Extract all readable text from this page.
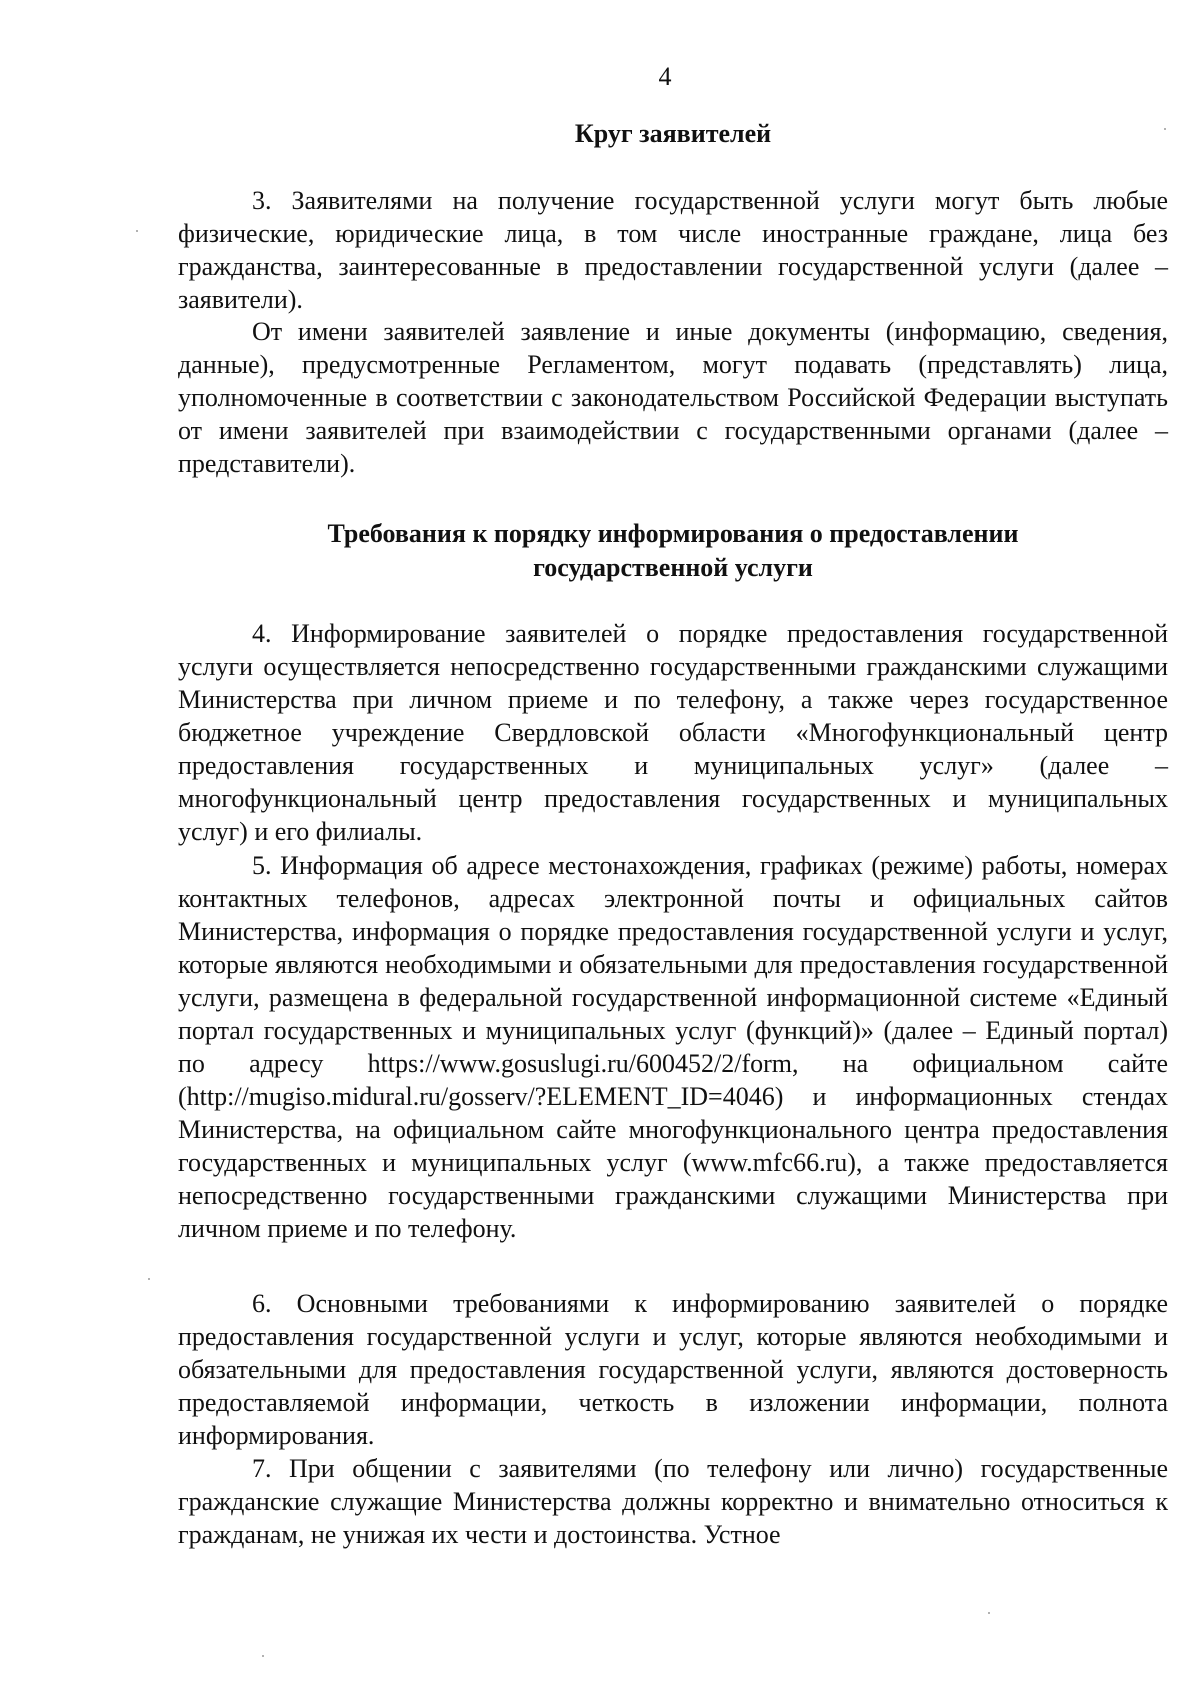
4
Круг заявителей

3. Заявителями на получение государственной услуги могут быть любые физические, юридические лица, в том числе иностранные граждане, лица без гражданства, заинтересованные в предоставлении государственной услуги (далее – заявители).

От имени заявителей заявление и иные документы (информацию, сведения, данные), предусмотренные Регламентом, могут подавать (представлять) лица, уполномоченные в соответствии с законодательством Российской Федерации выступать от имени заявителей при взаимодействии с государственными органами (далее – представители).

Требования к порядку информирования о предоставлении
государственной услуги

4. Информирование заявителей о порядке предоставления государственной услуги осуществляется непосредственно государственными гражданскими служащими Министерства при личном приеме и по телефону, а также через государственное бюджетное учреждение Свердловской области «Многофункциональный центр предоставления государственных и муниципальных услуг» (далее – многофункциональный центр предоставления государственных и муниципальных услуг) и его филиалы.

5. Информация об адресе местонахождения, графиках (режиме) работы, номерах контактных телефонов, адресах электронной почты и официальных сайтов Министерства, информация о порядке предоставления государственной услуги и услуг, которые являются необходимыми и обязательными для предоставления государственной услуги, размещена в федеральной государственной информационной системе «Единый портал государственных и муниципальных услуг (функций)» (далее – Единый портал) по адресу https://www.gosuslugi.ru/600452/2/form, на официальном сайте (http://mugiso.midural.ru/gosserv/?ELEMENT_ID=4046) и информационных стендах Министерства, на официальном сайте многофункционального центра предоставления государственных и муниципальных услуг (www.mfc66.ru), а также предоставляется непосредственно государственными гражданскими служащими Министерства при личном приеме и по телефону.

6. Основными требованиями к информированию заявителей о порядке предоставления государственной услуги и услуг, которые являются необходимыми и обязательными для предоставления государственной услуги, являются достоверность предоставляемой информации, четкость в изложении информации, полнота информирования.

7. При общении с заявителями (по телефону или лично) государственные гражданские служащие Министерства должны корректно и внимательно относиться к гражданам, не унижая их чести и достоинства. Устное
